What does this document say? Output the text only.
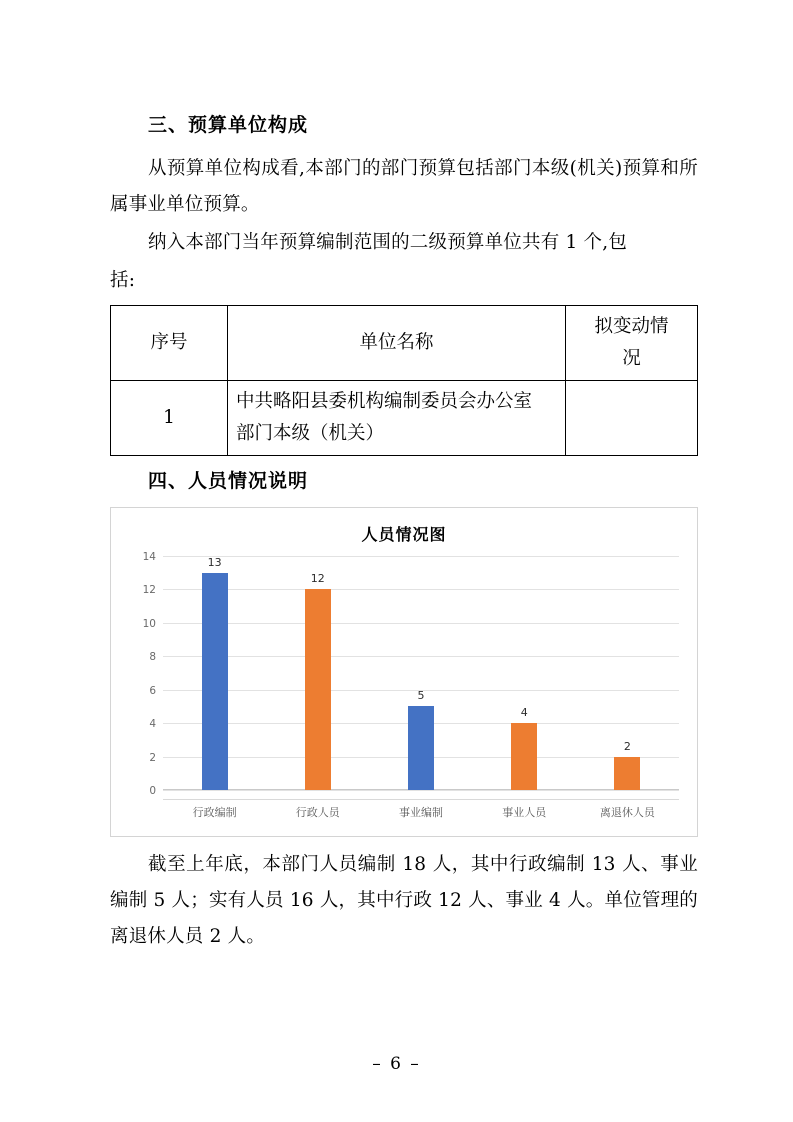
三、预算单位构成

从预算单位构成看,本部门的部门预算包括部门本级(机关)预算和所属事业单位预算。

纳入本部门当年预算编制范围的二级预算单位共有 1 个,包

括:

序号	单位名称	拟变动情
况

1	中共略阳县委机构编制委员会办公室
部门本级（机关）	

四、人员情况说明
人员情况图
14
12
10
8
6
4
2
0
13
12
5
4
2
行政编制	行政人员	事业编制	事业人员	离退休人员

截至上年底，本部门人员编制 18 人，其中行政编制 13 人、事业编制 5 人；实有人员 16 人，其中行政 12 人、事业 4 人。单位管理的离退休人员 2 人。

– 6 –
